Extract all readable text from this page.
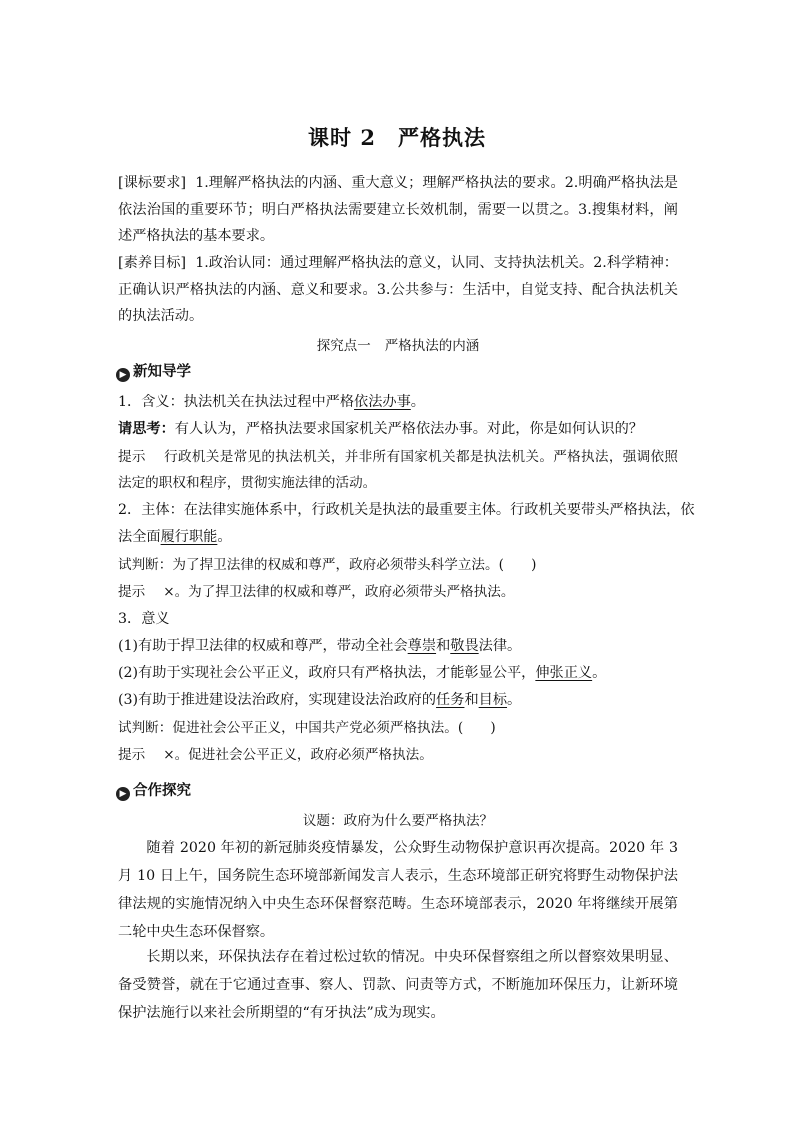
课时 2 严格执法
[课标要求] 1.理解严格执法的内涵、重大意义；理解严格执法的要求。2.明确严格执法是依法治国的重要环节；明白严格执法需要建立长效机制，需要一以贯之。3.搜集材料，阐述严格执法的基本要求。
[素养目标] 1.政治认同：通过理解严格执法的意义，认同、支持执法机关。2.科学精神：正确认识严格执法的内涵、意义和要求。3.公共参与：生活中，自觉支持、配合执法机关的执法活动。
探究点一 严格执法的内涵
▶ 新知导学
1．含义：执法机关在执法过程中严格依法办事。
请思考：有人认为，严格执法要求国家机关严格依法办事。对此，你是如何认识的？
提示 行政机关是常见的执法机关，并非所有国家机关都是执法机关。严格执法，强调依照法定的职权和程序，贯彻实施法律的活动。
2．主体：在法律实施体系中，行政机关是执法的最重要主体。行政机关要带头严格执法，依
法全面履行职能。
试判断：为了捍卫法律的权威和尊严，政府必须带头科学立法。(　　)
提示 ×。为了捍卫法律的权威和尊严，政府必须带头严格执法。
3．意义
(1)有助于捍卫法律的权威和尊严，带动全社会尊崇和敬畏法律。
(2)有助于实现社会公平正义，政府只有严格执法，才能彰显公平，伸张正义。
(3)有助于推进建设法治政府，实现建设法治政府的任务和目标。
试判断：促进社会公平正义，中国共产党必须严格执法。(　　)
提示 ×。促进社会公平正义，政府必须严格执法。
▶ 合作探究
议题：政府为什么要严格执法？
随着 2020 年初的新冠肺炎疫情暴发，公众野生动物保护意识再次提高。2020 年 3 月 10 日上午，国务院生态环境部新闻发言人表示，生态环境部正研究将野生动物保护法律法规的实施情况纳入中央生态环保督察范畴。生态环境部表示，2020 年将继续开展第二轮中央生态环保督察。
长期以来，环保执法存在着过松过软的情况。中央环保督察组之所以督察效果明显、备受赞誉，就在于它通过查事、察人、罚款、问责等方式，不断施加环保压力，让新环境保护法施行以来社会所期望的“有牙执法”成为现实。
